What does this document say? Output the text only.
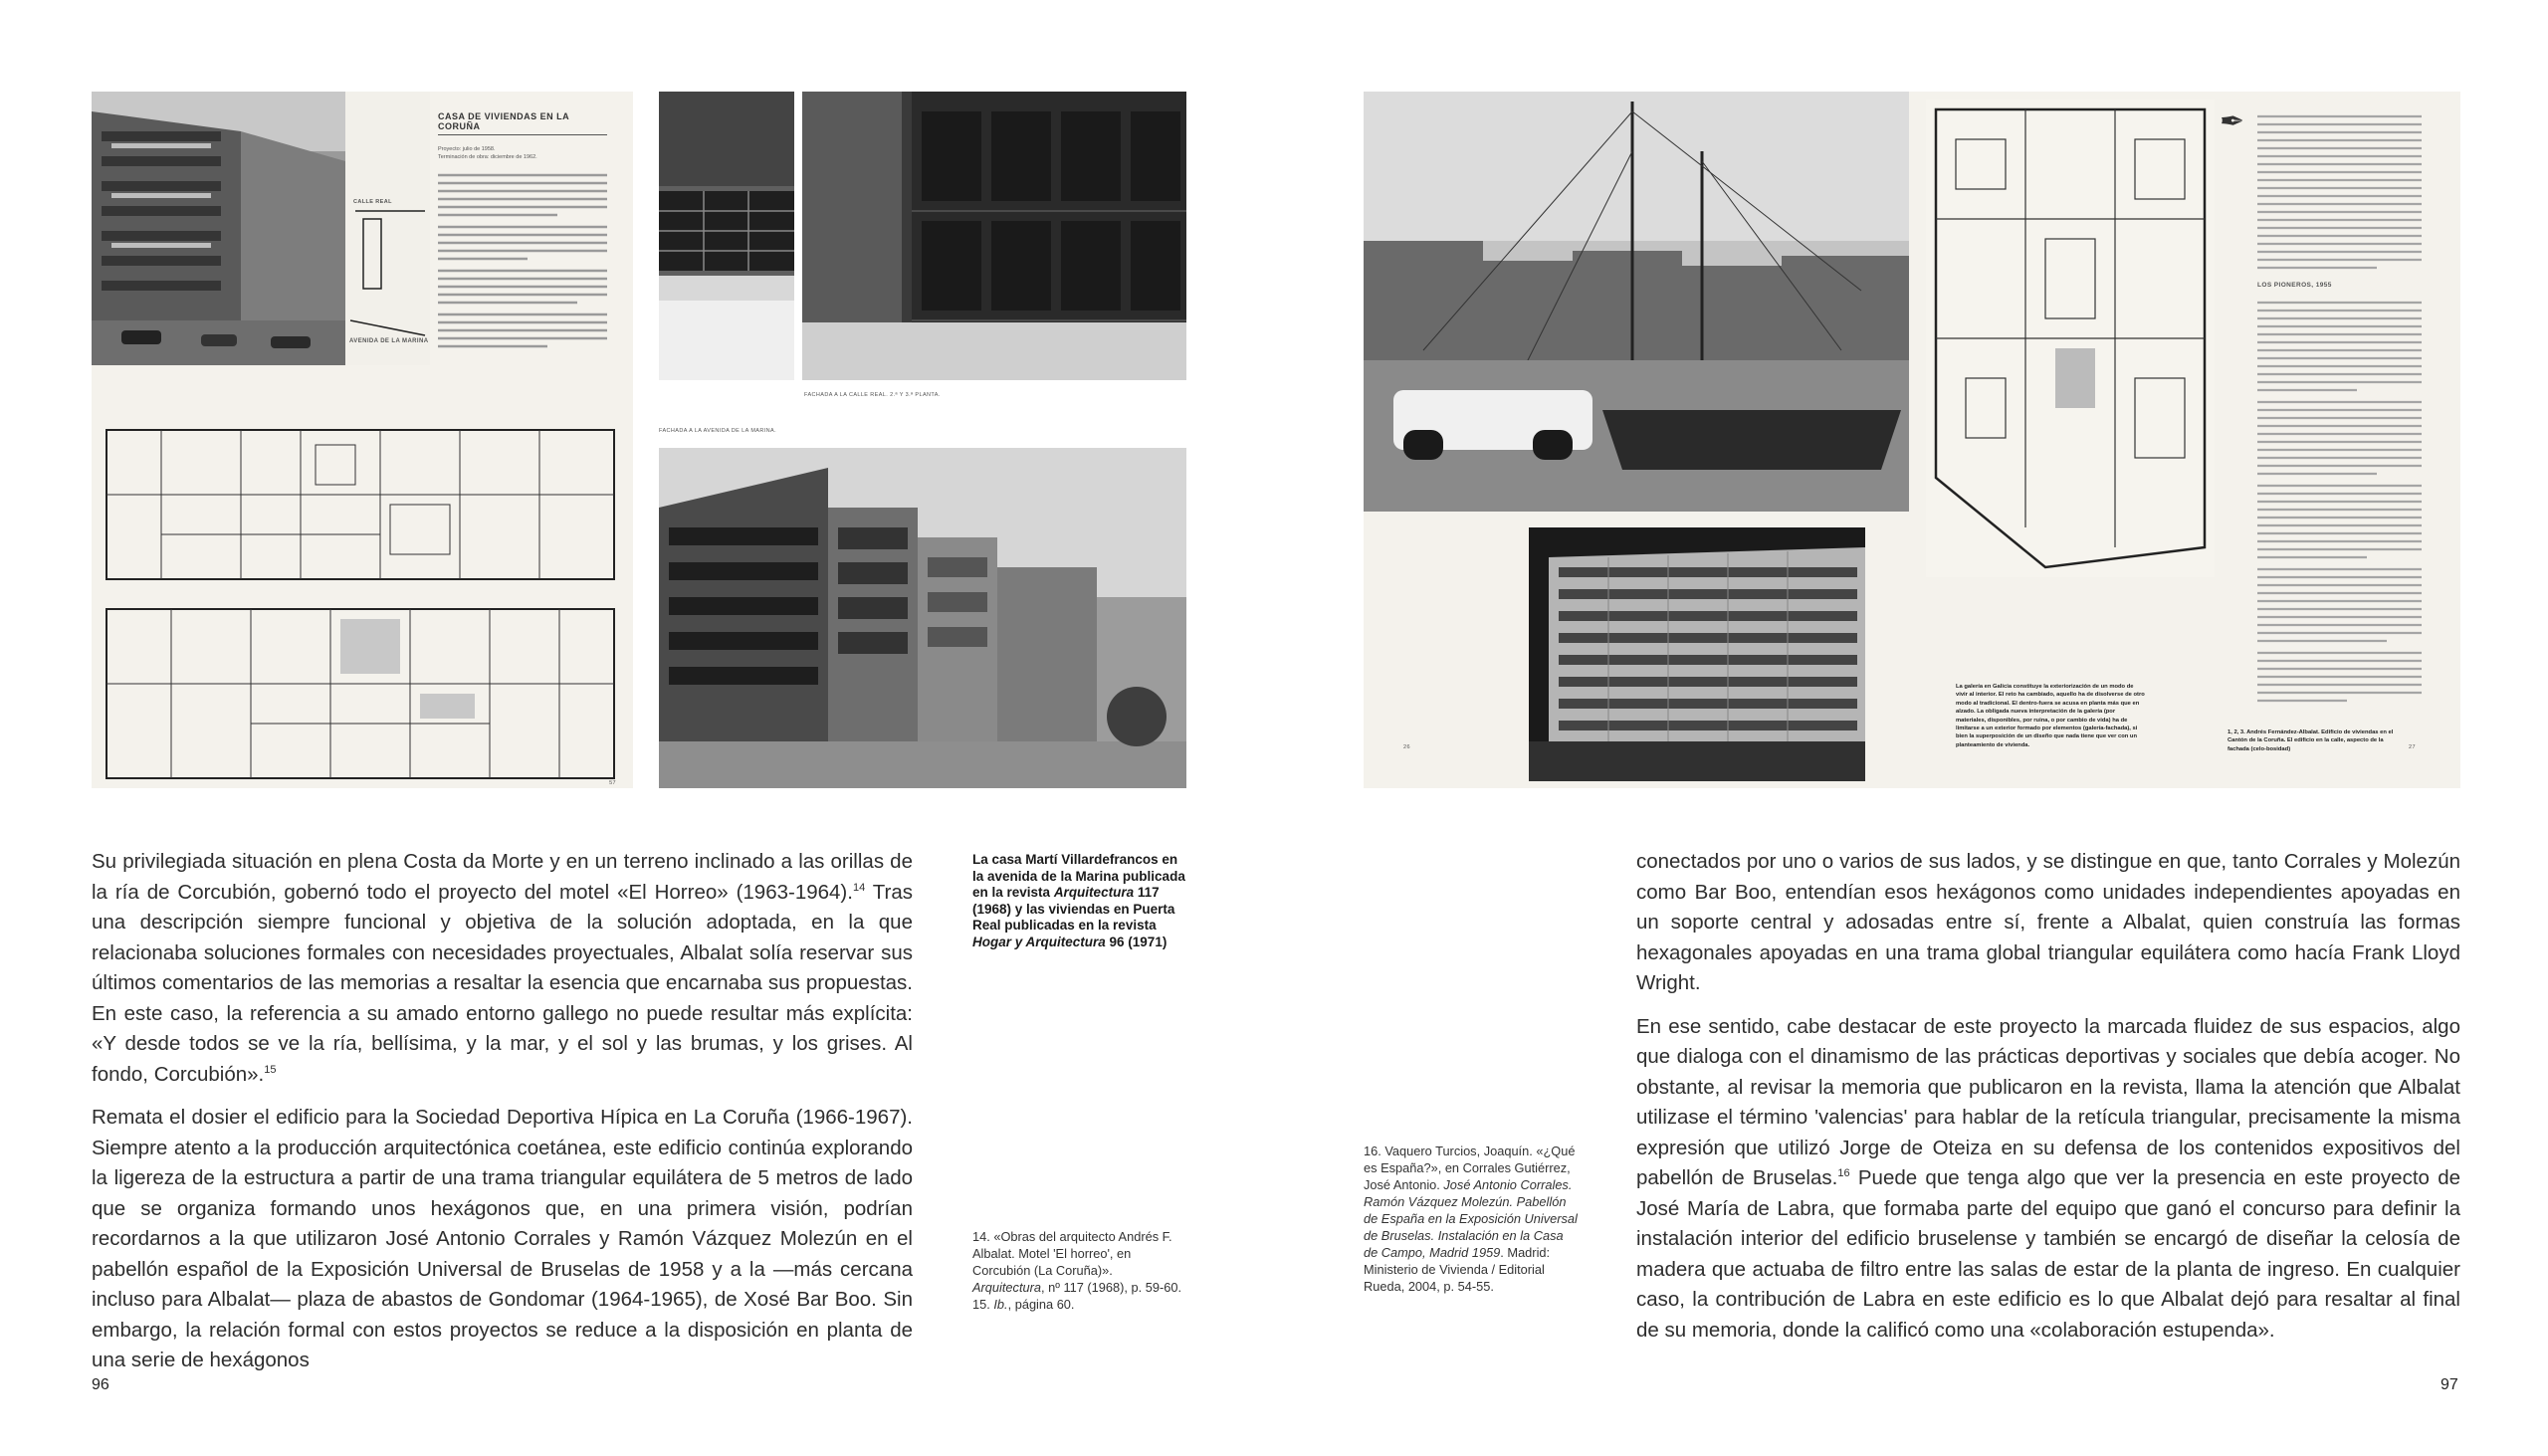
CALLE REAL
AVENIDA DE LA MARINA
CASA DE VIVIENDAS EN LA CORUÑA
Proyecto: julio de 1958.
Terminación de obra: diciembre de 1962.
57
FACHADA A LA CALLE REAL. 2.ª Y 3.ª PLANTA.
FACHADA A LA AVENIDA DE LA MARINA.
La casa Martí Villardefrancos en la avenida de la Marina publicada en la revista Arquitectura 117 (1968) y las viviendas en Puerta Real publicadas en la revista Hogar y Arquitectura 96 (1971)

Su privilegiada situación en plena Costa da Morte y en un terreno inclinado a las orillas de la ría de Corcubión, gobernó todo el proyecto del motel «El Horreo» (1963-1964).$^{14}$ Tras una descripción siempre funcional y objetiva de la solución adoptada, en la que relacionaba soluciones formales con necesidades proyectuales, Albalat solía reservar sus últimos comentarios de las memorias a resaltar la esencia que encarnaba sus propuestas. En este caso, la referencia a su amado entorno gallego no puede resultar más explícita: «Y desde todos se ve la ría, bellísima, y la mar, y el sol y las brumas, y los grises. Al fondo, Corcubión».$^{15}$

Remata el dosier el edificio para la Sociedad Deportiva Hípica en La Coruña (1966-1967). Siempre atento a la producción arquitectónica coetánea, este edificio continúa explorando la ligereza de la estructura a partir de una trama triangular equilátera de 5 metros de lado que se organiza formando unos hexágonos que, en una primera visión, podrían recordarnos a la que utilizaron José Antonio Corrales y Ramón Vázquez Molezún en el pabellón español de la Exposición Universal de Bruselas de 1958 y a la —más cercana incluso para Albalat— plaza de abastos de Gondomar (1964-1965), de Xosé Bar Boo. Sin embargo, la relación formal con estos proyectos se reduce a la disposición en planta de una serie de hexágonos

14. «Obras del arquitecto Andrés F. Albalat. Motel 'El horreo', en Corcubión (La Coruña)». Arquitectura, nº 117 (1968), p. 59-60.

15. Ib., página 60.

96
✒
LOS PIONEROS, 1955
26
La galería en Galicia constituye la exteriorización de un modo de vivir al interior. El reto ha cambiado, aquello ha de disolverse de otro modo al tradicional. El dentro-fuera se acusa en planta más que en alzado. La obligada nueva interpretación de la galería (por materiales, disponibles, por ruina, o por cambio de vida) ha de limitarse a un exterior formado por elementos (galería-fachada), si bien la superposición de un diseño que nada tiene que ver con un planteamiento de vivienda.
1, 2, 3. Andrés Fernández-Albalat. Edificio de viviendas en el Cantón de la Coruña. El edificio en la calle, aspecto de la fachada (celo-bosidad)	27

16. Vaquero Turcios, Joaquín. «¿Qué es España?», en Corrales Gutiérrez, José Antonio. José Antonio Corrales. Ramón Vázquez Molezún. Pabellón de España en la Exposición Universal de Bruselas. Instalación en la Casa de Campo, Madrid 1959. Madrid: Ministerio de Vivienda / Editorial Rueda, 2004, p. 54-55.

conectados por uno o varios de sus lados, y se distingue en que, tanto Corrales y Molezún como Bar Boo, entendían esos hexágonos como unidades independientes apoyadas en un soporte central y adosadas entre sí, frente a Albalat, quien construía las formas hexagonales apoyadas en una trama global triangular equilátera como hacía Frank Lloyd Wright.

En ese sentido, cabe destacar de este proyecto la marcada fluidez de sus espacios, algo que dialoga con el dinamismo de las prácticas deportivas y sociales que debía acoger. No obstante, al revisar la memoria que publicaron en la revista, llama la atención que Albalat utilizase el término 'valencias' para hablar de la retícula triangular, precisamente la misma expresión que utilizó Jorge de Oteiza en su defensa de los contenidos expositivos del pabellón de Bruselas.$^{16}$ Puede que tenga algo que ver la presencia en este proyecto de José María de Labra, que formaba parte del equipo que ganó el concurso para definir la instalación interior del edificio bruselense y también se encargó de diseñar la celosía de madera que actuaba de filtro entre las salas de estar de la planta de ingreso. En cualquier caso, la contribución de Labra en este edificio es lo que Albalat dejó para resaltar al final de su memoria, donde la calificó como una «colaboración estupenda».

97
